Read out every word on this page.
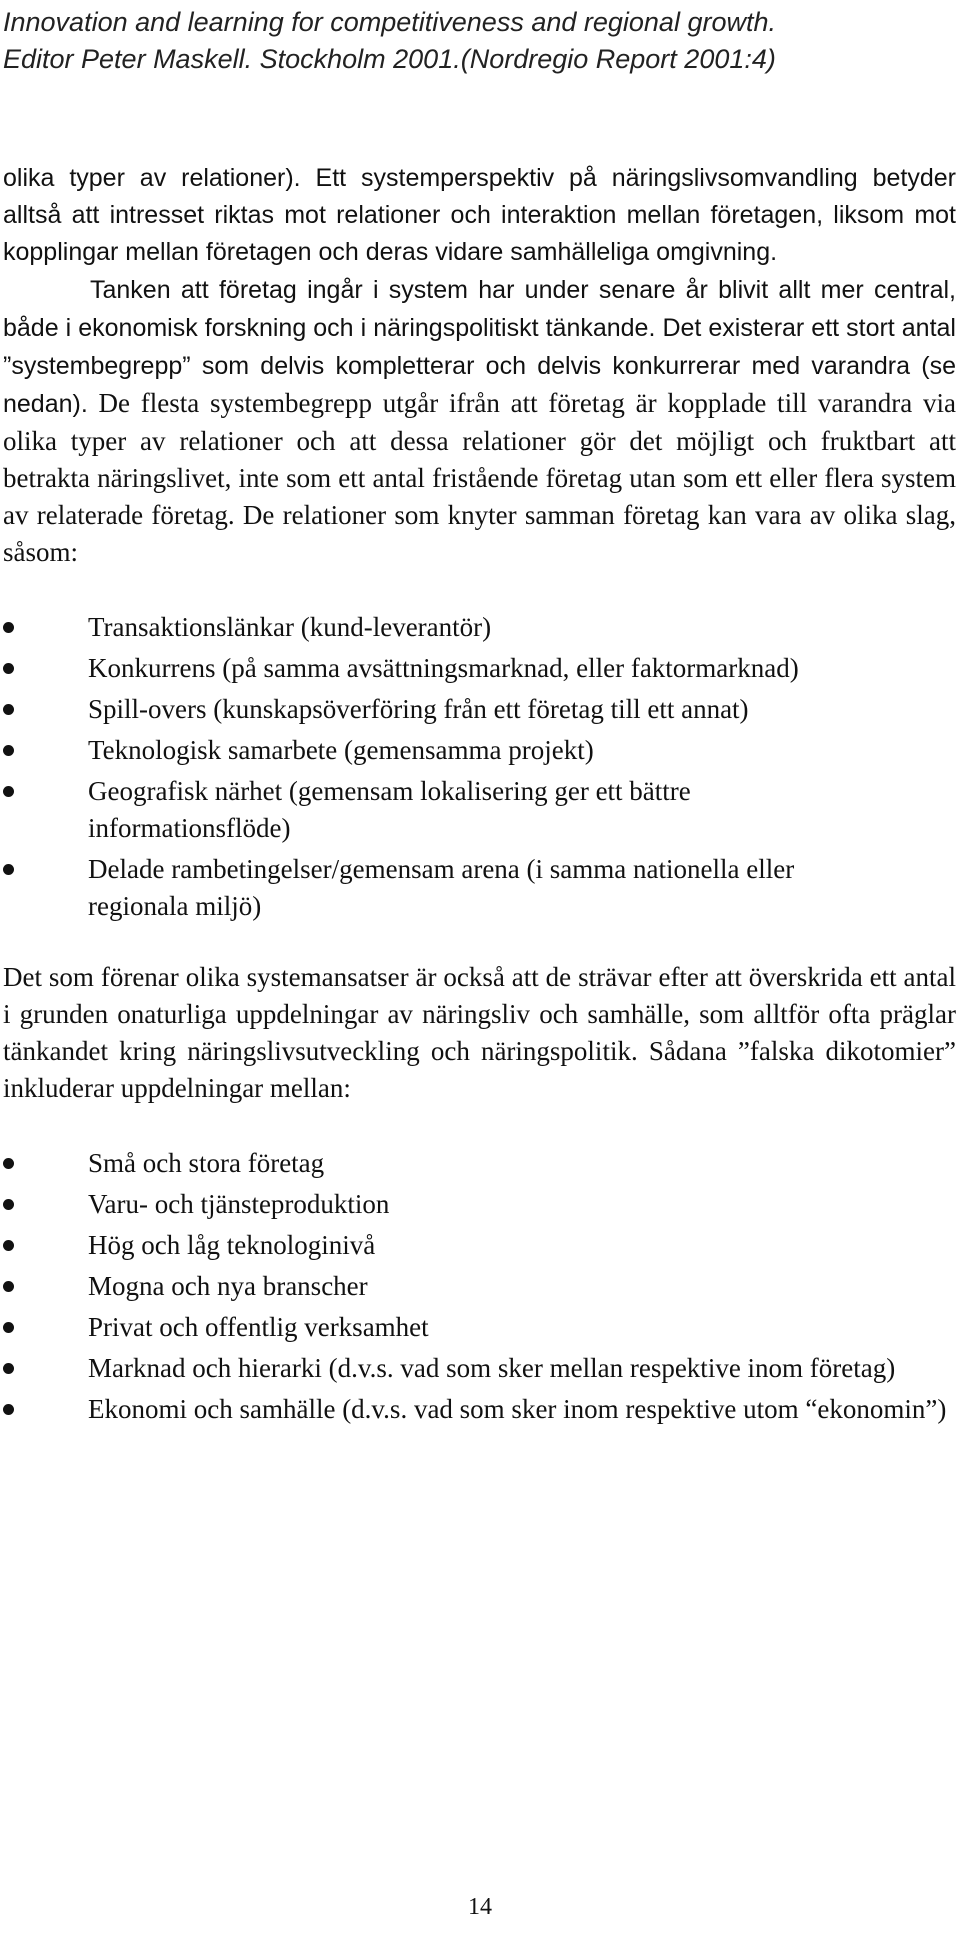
Innovation and learning for competitiveness and regional growth.
Editor Peter Maskell. Stockholm 2001.(Nordregio Report 2001:4)

olika typer av relationer). Ett systemperspektiv på näringslivsomvandling betyder alltså att intresset riktas mot relationer och interaktion mellan företagen, liksom mot kopplingar mellan företagen och deras vidare samhälleliga omgivning.

Tanken att företag ingår i system har under senare år blivit allt mer central, både i ekonomisk forskning och i näringspolitiskt tänkande. Det existerar ett stort antal ”systembegrepp” som delvis kompletterar och delvis konkurrerar med varandra (se nedan). De flesta systembegrepp utgår ifrån att företag är kopplade till varandra via olika typer av relationer och att dessa relationer gör det möjligt och fruktbart att betrakta näringslivet, inte som ett antal fristående företag utan som ett eller flera system av relaterade företag. De relationer som knyter samman företag kan vara av olika slag, såsom:

Transaktionslänkar (kund-leverantör)
Konkurrens (på samma avsättningsmarknad, eller faktormarknad)
Spill-overs (kunskapsöverföring från ett företag till ett annat)
Teknologisk samarbete (gemensamma projekt)
Geografisk närhet (gemensam lokalisering ger ett bättre informationsflöde)
Delade rambetingelser/gemensam arena (i samma nationella eller regionala miljö)

Det som förenar olika systemansatser är också att de strävar efter att överskrida ett antal i grunden onaturliga uppdelningar av näringsliv och samhälle, som alltför ofta präglar tänkandet kring näringslivsutveckling och näringspolitik. Sådana ”falska dikotomier” inkluderar uppdelningar mellan:

Små och stora företag
Varu- och tjänsteproduktion
Hög och låg teknologinivå
Mogna och nya branscher
Privat och offentlig verksamhet
Marknad och hierarki (d.v.s. vad som sker mellan respektive inom företag)
Ekonomi och samhälle (d.v.s. vad som sker inom respektive utom “ekonomin”)
14
